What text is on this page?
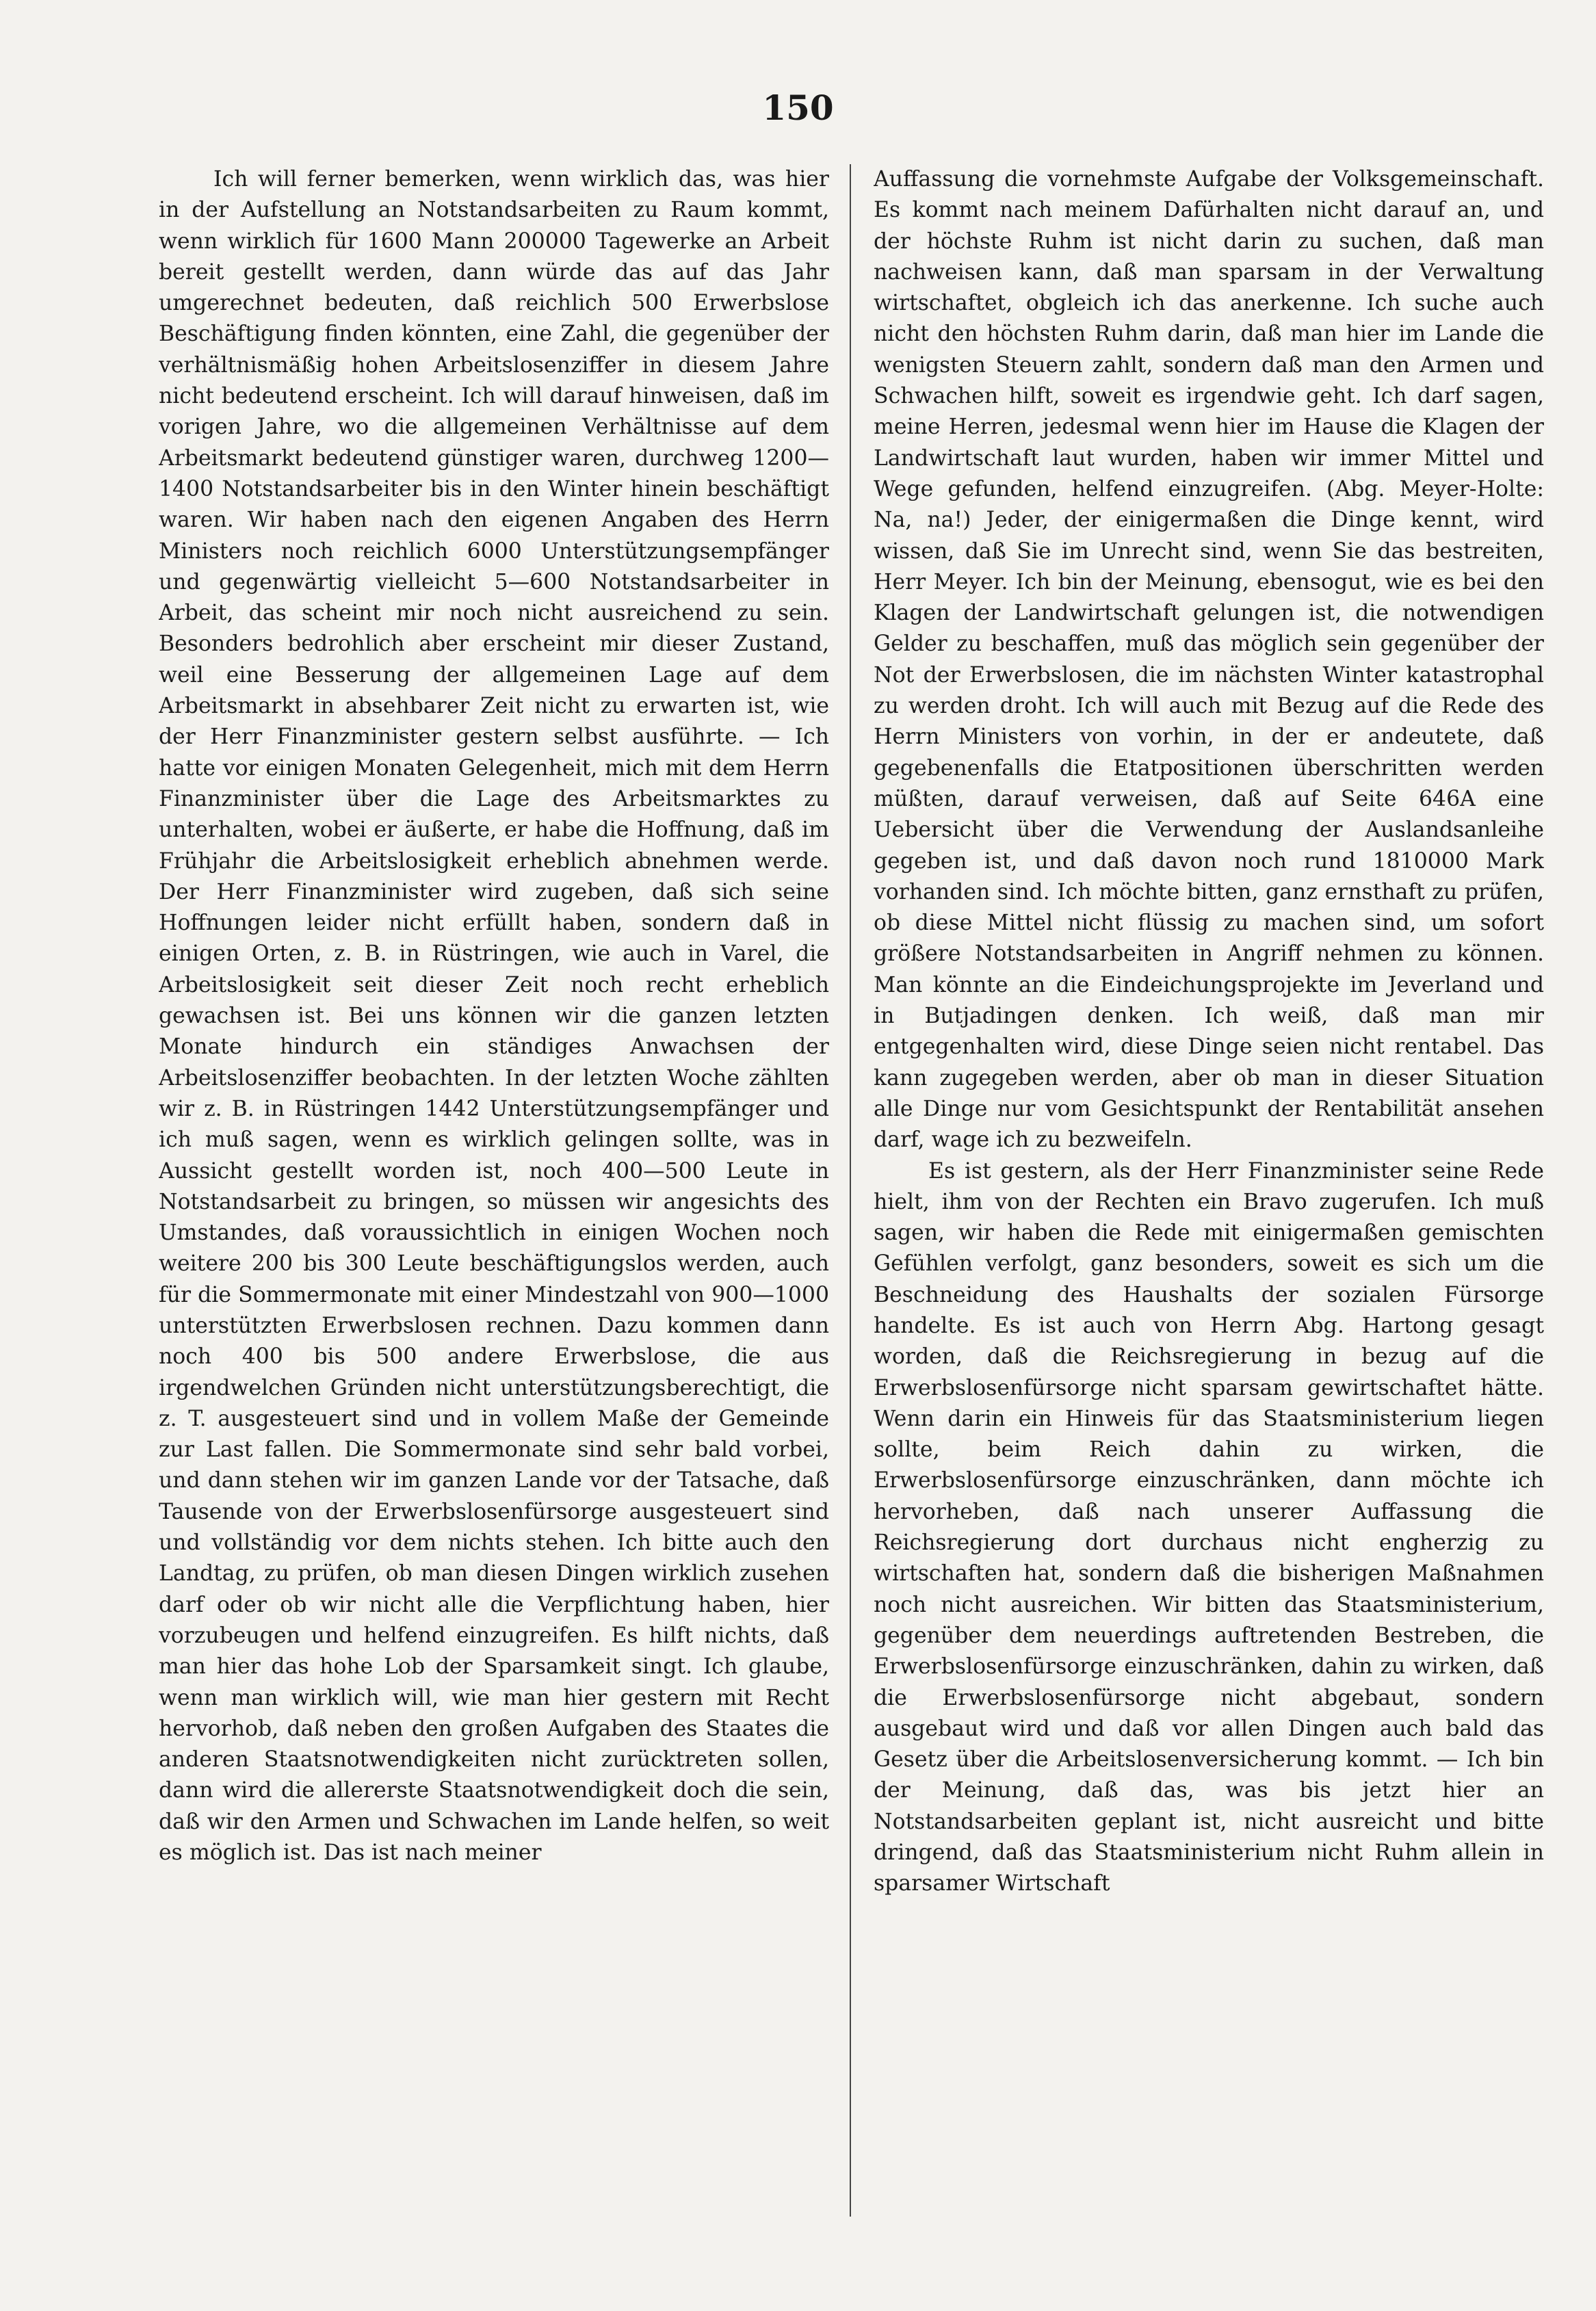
150

Ich will ferner bemerken, wenn wirklich das, was hier in der Aufstellung an Notstandsarbeiten zu Raum kommt, wenn wirklich für 1600 Mann 200000 Tagewerke an Arbeit bereit gestellt werden, dann würde das auf das Jahr umgerechnet bedeuten, daß reichlich 500 Erwerbslose Beschäftigung finden könnten, eine Zahl, die gegenüber der verhältnismäßig hohen Arbeitslosenziffer in diesem Jahre nicht bedeutend erscheint. Ich will darauf hinweisen, daß im vorigen Jahre, wo die allgemeinen Verhältnisse auf dem Arbeitsmarkt bedeutend günstiger waren, durchweg 1200—1400 Notstandsarbeiter bis in den Winter hinein beschäftigt waren. Wir haben nach den eigenen Angaben des Herrn Ministers noch reichlich 6000 Unterstützungsempfänger und gegenwärtig vielleicht 5—600 Notstandsarbeiter in Arbeit, das scheint mir noch nicht ausreichend zu sein. Besonders bedrohlich aber erscheint mir dieser Zustand, weil eine Besserung der allgemeinen Lage auf dem Arbeitsmarkt in absehbarer Zeit nicht zu erwarten ist, wie der Herr Finanzminister gestern selbst ausführte. — Ich hatte vor einigen Monaten Gelegenheit, mich mit dem Herrn Finanzminister über die Lage des Arbeitsmarktes zu unterhalten, wobei er äußerte, er habe die Hoffnung, daß im Frühjahr die Arbeitslosigkeit erheblich abnehmen werde. Der Herr Finanzminister wird zugeben, daß sich seine Hoffnungen leider nicht erfüllt haben, sondern daß in einigen Orten, z. B. in Rüstringen, wie auch in Varel, die Arbeitslosigkeit seit dieser Zeit noch recht erheblich gewachsen ist. Bei uns können wir die ganzen letzten Monate hindurch ein ständiges Anwachsen der Arbeitslosenziffer beobachten. In der letzten Woche zählten wir z. B. in Rüstringen 1442 Unterstützungsempfänger und ich muß sagen, wenn es wirklich gelingen sollte, was in Aussicht gestellt worden ist, noch 400—500 Leute in Notstandsarbeit zu bringen, so müssen wir angesichts des Umstandes, daß voraussichtlich in einigen Wochen noch weitere 200 bis 300 Leute beschäftigungslos werden, auch für die Sommermonate mit einer Mindestzahl von 900—1000 unterstützten Erwerbslosen rechnen. Dazu kommen dann noch 400 bis 500 andere Erwerbslose, die aus irgendwelchen Gründen nicht unterstützungsberechtigt, die z. T. ausgesteuert sind und in vollem Maße der Gemeinde zur Last fallen. Die Sommermonate sind sehr bald vorbei, und dann stehen wir im ganzen Lande vor der Tatsache, daß Tausende von der Erwerbslosenfürsorge ausgesteuert sind und vollständig vor dem nichts stehen. Ich bitte auch den Landtag, zu prüfen, ob man diesen Dingen wirklich zusehen darf oder ob wir nicht alle die Verpflichtung haben, hier vorzubeugen und helfend einzugreifen. Es hilft nichts, daß man hier das hohe Lob der Sparsamkeit singt. Ich glaube, wenn man wirklich will, wie man hier gestern mit Recht hervorhob, daß neben den großen Aufgaben des Staates die anderen Staatsnotwendigkeiten nicht zurücktreten sollen, dann wird die allererste Staatsnotwendigkeit doch die sein, daß wir den Armen und Schwachen im Lande helfen, so weit es möglich ist. Das ist nach meiner

Auffassung die vornehmste Aufgabe der Volksgemeinschaft. Es kommt nach meinem Dafürhalten nicht darauf an, und der höchste Ruhm ist nicht darin zu suchen, daß man nachweisen kann, daß man sparsam in der Verwaltung wirtschaftet, obgleich ich das anerkenne. Ich suche auch nicht den höchsten Ruhm darin, daß man hier im Lande die wenigsten Steuern zahlt, sondern daß man den Armen und Schwachen hilft, soweit es irgendwie geht. Ich darf sagen, meine Herren, jedesmal wenn hier im Hause die Klagen der Landwirtschaft laut wurden, haben wir immer Mittel und Wege gefunden, helfend einzugreifen. (Abg. Meyer-Holte: Na, na!) Jeder, der einigermaßen die Dinge kennt, wird wissen, daß Sie im Unrecht sind, wenn Sie das bestreiten, Herr Meyer. Ich bin der Meinung, ebensogut, wie es bei den Klagen der Landwirtschaft gelungen ist, die notwendigen Gelder zu beschaffen, muß das möglich sein gegenüber der Not der Erwerbslosen, die im nächsten Winter katastrophal zu werden droht. Ich will auch mit Bezug auf die Rede des Herrn Ministers von vorhin, in der er andeutete, daß gegebenenfalls die Etatpositionen überschritten werden müßten, darauf verweisen, daß auf Seite 646A eine Uebersicht über die Verwendung der Auslandsanleihe gegeben ist, und daß davon noch rund 1810000 Mark vorhanden sind. Ich möchte bitten, ganz ernsthaft zu prüfen, ob diese Mittel nicht flüssig zu machen sind, um sofort größere Notstandsarbeiten in Angriff nehmen zu können. Man könnte an die Eindeichungsprojekte im Jeverland und in Butjadingen denken. Ich weiß, daß man mir entgegenhalten wird, diese Dinge seien nicht rentabel. Das kann zugegeben werden, aber ob man in dieser Situation alle Dinge nur vom Gesichtspunkt der Rentabilität ansehen darf, wage ich zu bezweifeln.

Es ist gestern, als der Herr Finanzminister seine Rede hielt, ihm von der Rechten ein Bravo zugerufen. Ich muß sagen, wir haben die Rede mit einigermaßen gemischten Gefühlen verfolgt, ganz besonders, soweit es sich um die Beschneidung des Haushalts der sozialen Fürsorge handelte. Es ist auch von Herrn Abg. Hartong gesagt worden, daß die Reichsregierung in bezug auf die Erwerbslosenfürsorge nicht sparsam gewirtschaftet hätte. Wenn darin ein Hinweis für das Staatsministerium liegen sollte, beim Reich dahin zu wirken, die Erwerbslosenfürsorge einzuschränken, dann möchte ich hervorheben, daß nach unserer Auffassung die Reichsregierung dort durchaus nicht engherzig zu wirtschaften hat, sondern daß die bisherigen Maßnahmen noch nicht ausreichen. Wir bitten das Staatsministerium, gegenüber dem neuerdings auftretenden Bestreben, die Erwerbslosenfürsorge einzuschränken, dahin zu wirken, daß die Erwerbslosenfürsorge nicht abgebaut, sondern ausgebaut wird und daß vor allen Dingen auch bald das Gesetz über die Arbeitslosenversicherung kommt. — Ich bin der Meinung, daß das, was bis jetzt hier an Notstandsarbeiten geplant ist, nicht ausreicht und bitte dringend, daß das Staatsministerium nicht Ruhm allein in sparsamer Wirtschaft
